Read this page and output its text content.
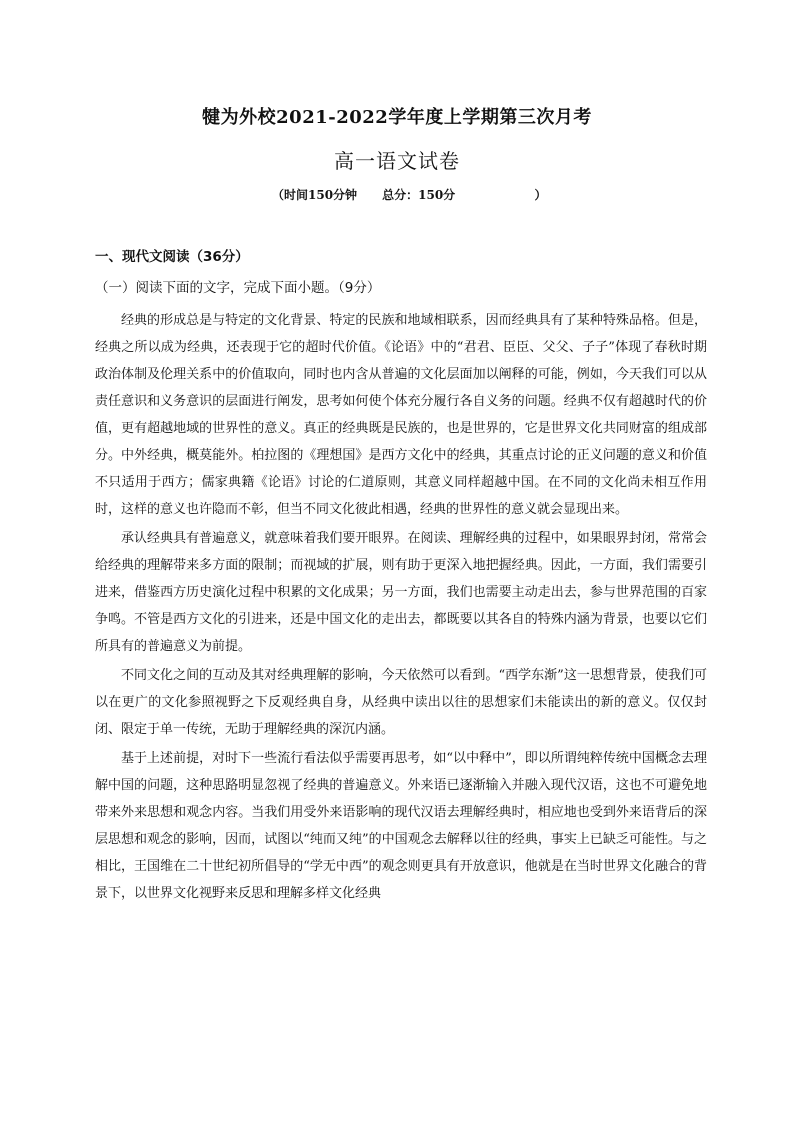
犍为外校2021-2022学年度上学期第三次月考
高一语文试卷
（时间150分钟      总分：150分                   ）
一、现代文阅读（36分）
（一）阅读下面的文字，完成下面小题。（9分）

经典的形成总是与特定的文化背景、特定的民族和地域相联系，因而经典具有了某种特殊品格。但是，经典之所以成为经典，还表现于它的超时代价值。《论语》中的“君君、臣臣、父父、子子”体现了春秋时期政治体制及伦理关系中的价值取向，同时也内含从普遍的文化层面加以阐释的可能，例如，今天我们可以从责任意识和义务意识的层面进行阐发，思考如何使个体充分履行各自义务的问题。经典不仅有超越时代的价值，更有超越地域的世界性的意义。真正的经典既是民族的，也是世界的，它是世界文化共同财富的组成部分。中外经典，概莫能外。柏拉图的《理想国》是西方文化中的经典，其重点讨论的正义问题的意义和价值不只适用于西方；儒家典籍《论语》讨论的仁道原则，其意义同样超越中国。在不同的文化尚未相互作用时，这样的意义也许隐而不彰，但当不同文化彼此相遇，经典的世界性的意义就会显现出来。

承认经典具有普遍意义，就意味着我们要开眼界。在阅读、理解经典的过程中，如果眼界封闭，常常会给经典的理解带来多方面的限制；而视域的扩展，则有助于更深入地把握经典。因此，一方面，我们需要引进来，借鉴西方历史演化过程中积累的文化成果；另一方面，我们也需要主动走出去，参与世界范围的百家争鸣。不管是西方文化的引进来，还是中国文化的走出去，都既要以其各自的特殊内涵为背景，也要以它们所具有的普遍意义为前提。

不同文化之间的互动及其对经典理解的影响，今天依然可以看到。“西学东渐”这一思想背景，使我们可以在更广的文化参照视野之下反观经典自身，从经典中读出以往的思想家们未能读出的新的意义。仅仅封闭、限定于单一传统，无助于理解经典的深沉内涵。

基于上述前提，对时下一些流行看法似乎需要再思考，如“以中释中”，即以所谓纯粹传统中国概念去理解中国的问题，这种思路明显忽视了经典的普遍意义。外来语已逐渐输入并融入现代汉语，这也不可避免地带来外来思想和观念内容。当我们用受外来语影响的现代汉语去理解经典时，相应地也受到外来语背后的深层思想和观念的影响，因而，试图以“纯而又纯”的中国观念去解释以往的经典，事实上已缺乏可能性。与之相比，王国维在二十世纪初所倡导的“学无中西”的观念则更具有开放意识，他就是在当时世界文化融合的背景下，以世界文化视野来反思和理解多样文化经典
